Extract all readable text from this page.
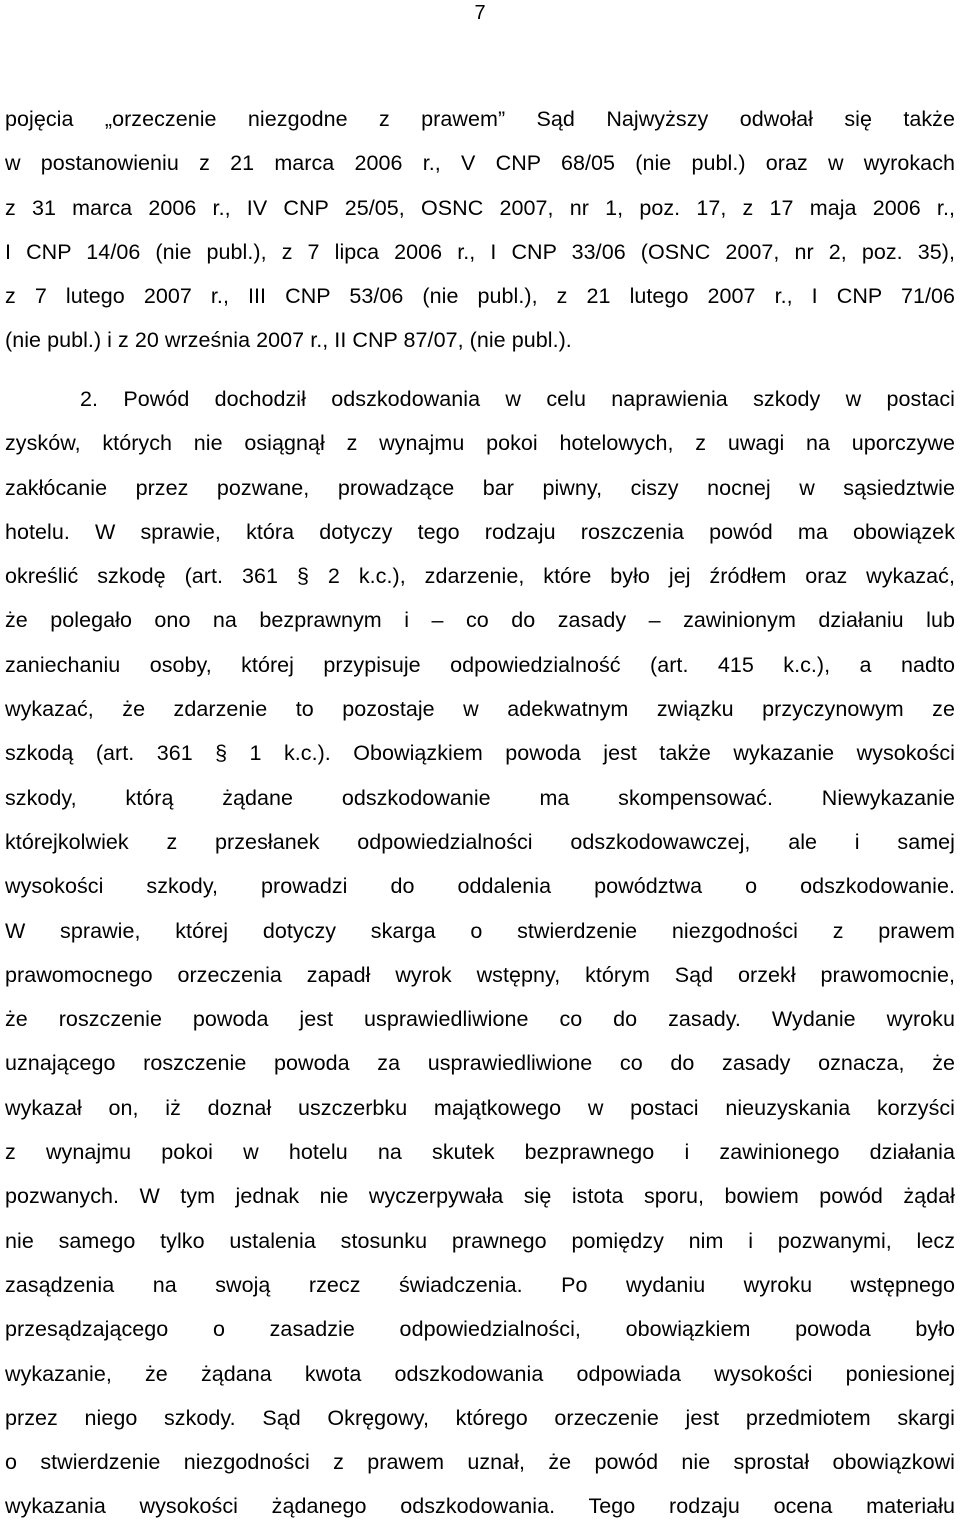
7
pojęcia „orzeczenie niezgodne z prawem” Sąd Najwyższy odwołał się także
w postanowieniu z 21 marca 2006 r., V CNP 68/05 (nie publ.) oraz w wyrokach
z 31 marca 2006 r., IV CNP 25/05, OSNC 2007, nr 1, poz. 17, z 17 maja 2006 r.,
I CNP 14/06 (nie publ.), z 7 lipca 2006 r., I CNP 33/06 (OSNC 2007, nr 2, poz. 35),
z 7 lutego 2007 r., III CNP 53/06 (nie publ.), z 21 lutego 2007 r., I CNP 71/06
(nie publ.) i z 20 września 2007 r., II CNP 87/07, (nie publ.).
2. Powód dochodził odszkodowania w celu naprawienia szkody w postaci
zysków, których nie osiągnął z wynajmu pokoi hotelowych, z uwagi na uporczywe
zakłócanie przez pozwane, prowadzące bar piwny, ciszy nocnej w sąsiedztwie
hotelu. W sprawie, która dotyczy tego rodzaju roszczenia powód ma obowiązek
określić szkodę (art. 361 § 2 k.c.), zdarzenie, które było jej źródłem oraz wykazać,
że polegało ono na bezprawnym i – co do zasady – zawinionym działaniu lub
zaniechaniu osoby, której przypisuje odpowiedzialność (art. 415 k.c.), a nadto
wykazać, że zdarzenie to pozostaje w adekwatnym związku przyczynowym ze
szkodą (art. 361 § 1 k.c.). Obowiązkiem powoda jest także wykazanie wysokości
szkody, którą żądane odszkodowanie ma skompensować. Niewykazanie
którejkolwiek z przesłanek odpowiedzialności odszkodowawczej, ale i samej
wysokości szkody, prowadzi do oddalenia powództwa o odszkodowanie.
W sprawie, której dotyczy skarga o stwierdzenie niezgodności z prawem
prawomocnego orzeczenia zapadł wyrok wstępny, którym Sąd orzekł prawomocnie,
że roszczenie powoda jest usprawiedliwione co do zasady. Wydanie wyroku
uznającego roszczenie powoda za usprawiedliwione co do zasady oznacza, że
wykazał on, iż doznał uszczerbku majątkowego w postaci nieuzyskania korzyści
z wynajmu pokoi w hotelu na skutek bezprawnego i zawinionego działania
pozwanych. W tym jednak nie wyczerpywała się istota sporu, bowiem powód żądał
nie samego tylko ustalenia stosunku prawnego pomiędzy nim i pozwanymi, lecz
zasądzenia na swoją rzecz świadczenia. Po wydaniu wyroku wstępnego
przesądzającego o zasadzie odpowiedzialności, obowiązkiem powoda było
wykazanie, że żądana kwota odszkodowania odpowiada wysokości poniesionej
przez niego szkody. Sąd Okręgowy, którego orzeczenie jest przedmiotem skargi
o stwierdzenie niezgodności z prawem uznał, że powód nie sprostał obowiązkowi
wykazania wysokości żądanego odszkodowania. Tego rodzaju ocena materiału
